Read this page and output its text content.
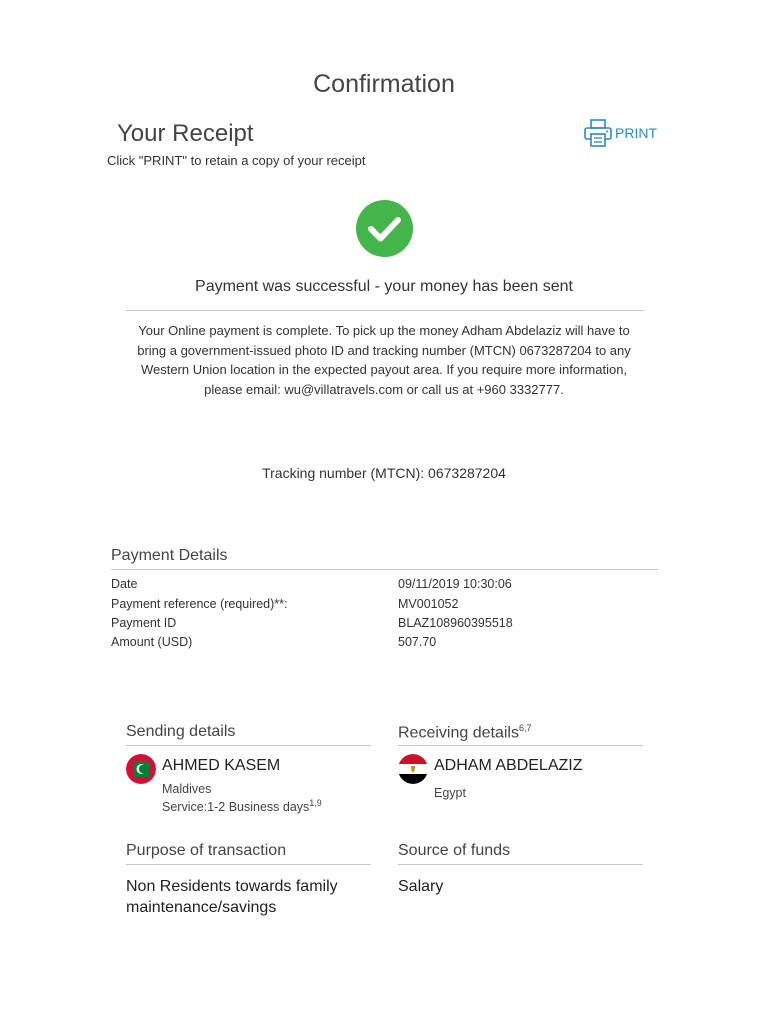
Confirmation
Your Receipt	PRINT
Click "PRINT" to retain a copy of your receipt
Payment was successful - your money has been sent
Your Online payment is complete. To pick up the money Adham Abdelaziz will have to bring a government-issued photo ID and tracking number (MTCN) 0673287204 to any Western Union location in the expected payout area. If you require more information, please email: wu@villatravels.com or call us at +960 3332777.
Tracking number (MTCN): 0673287204
Payment Details
Date	09/11/2019 10:30:06
Payment reference (required)**:	MV001052
Payment ID	BLAZ108960395518
Amount (USD)	507.70
Sending details
AHMED KASEM
Maldives
Service:1-2 Business days$^{1,9}$
Receiving details$^{6,7}$
ADHAM ABDELAZIZ
Egypt
Purpose of transaction
Non Residents towards family
maintenance/savings
Source of funds
Salary
